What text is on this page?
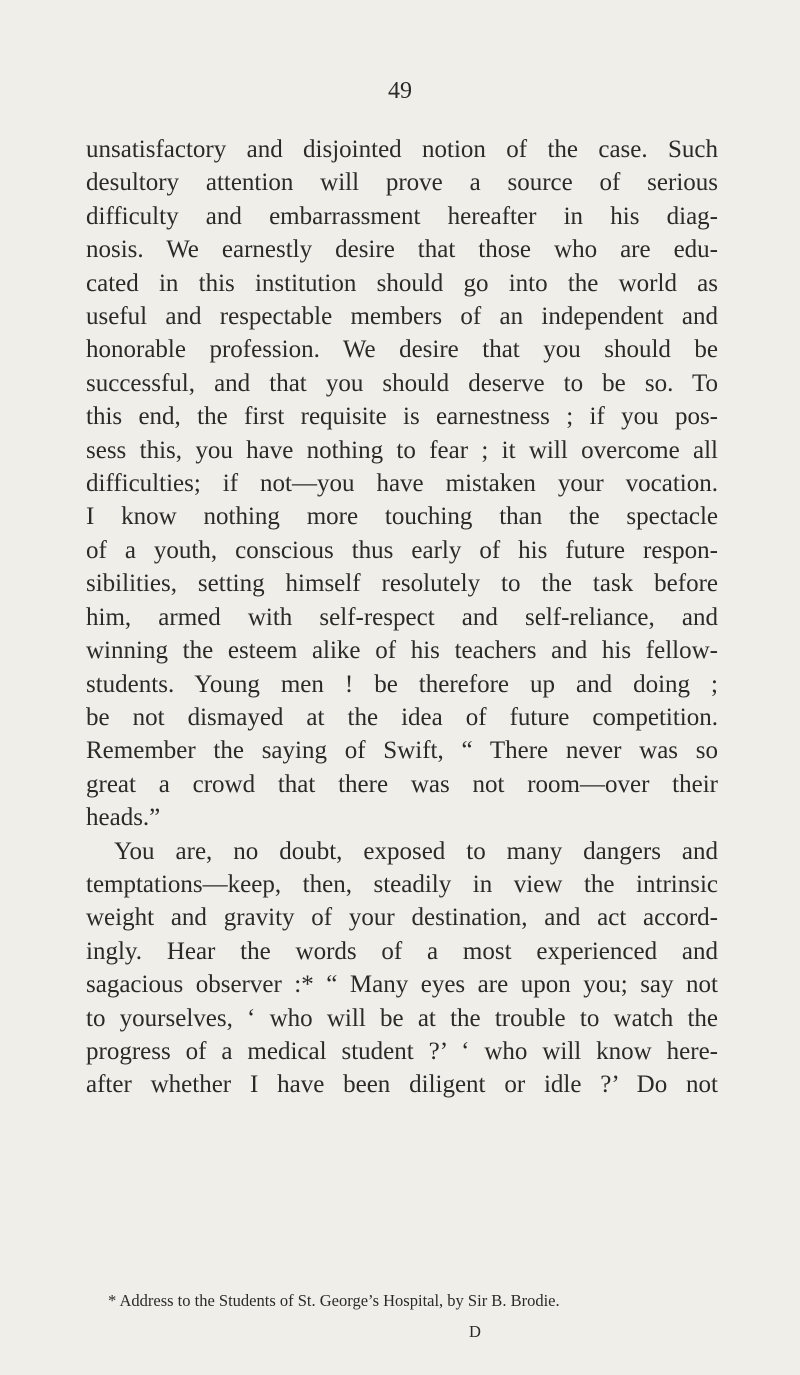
49
unsatisfactory and disjointed notion of the case. Such
desultory attention will prove a source of serious
difficulty and embarrassment hereafter in his diag-
nosis. We earnestly desire that those who are edu-
cated in this institution should go into the world as
useful and respectable members of an independent and
honorable profession. We desire that you should be
successful, and that you should deserve to be so. To
this end, the first requisite is earnestness ; if you pos-
sess this, you have nothing to fear ; it will overcome all
difficulties; if not—you have mistaken your vocation.
I know nothing more touching than the spectacle
of a youth, conscious thus early of his future respon-
sibilities, setting himself resolutely to the task before
him, armed with self-respect and self-reliance, and
winning the esteem alike of his teachers and his fellow-
students. Young men ! be therefore up and doing ;
be not dismayed at the idea of future competition.
Remember the saying of Swift, “ There never was so
great a crowd that there was not room—over their
heads.”
You are, no doubt, exposed to many dangers and
temptations—keep, then, steadily in view the intrinsic
weight and gravity of your destination, and act accord-
ingly. Hear the words of a most experienced and
sagacious observer :* “ Many eyes are upon you; say not
to yourselves, ‘ who will be at the trouble to watch the
progress of a medical student ?’ ‘ who will know here-
after whether I have been diligent or idle ?’ Do not
* Address to the Students of St. George’s Hospital, by Sir B. Brodie.
D
